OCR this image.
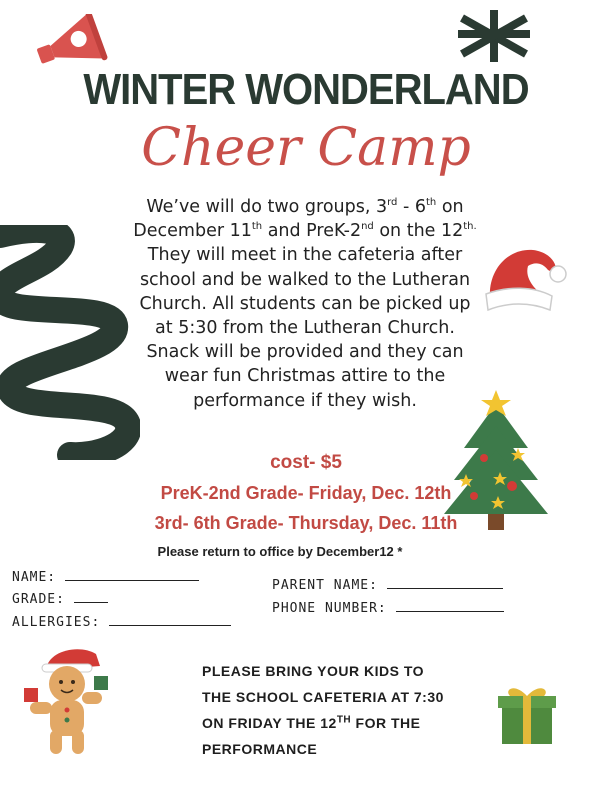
WINTER WONDERLAND
Cheer Camp

We’ve will do two groups, 3rd - 6th on

December 11th and PreK-2nd on the $12^{th.}$

They will meet in the cafeteria after

school and be walked to the Lutheran

Church. All students can be picked up

at 5:30 from the Lutheran Church.

Snack will be provided and they can

wear fun Christmas attire to the

performance if they wish.

cost- $5
PreK-2nd Grade- Friday, Dec. 12th
3rd- 6th Grade- Thursday, Dec. 11th
Please return to office by December12 *
NAME:
GRADE:
ALLERGIES:
PARENT NAME:
PHONE NUMBER:

PLEASE BRING YOUR KIDS TO

THE SCHOOL CAFETERIA AT 7:30

ON FRIDAY THE 12TH FOR THE

PERFORMANCE
